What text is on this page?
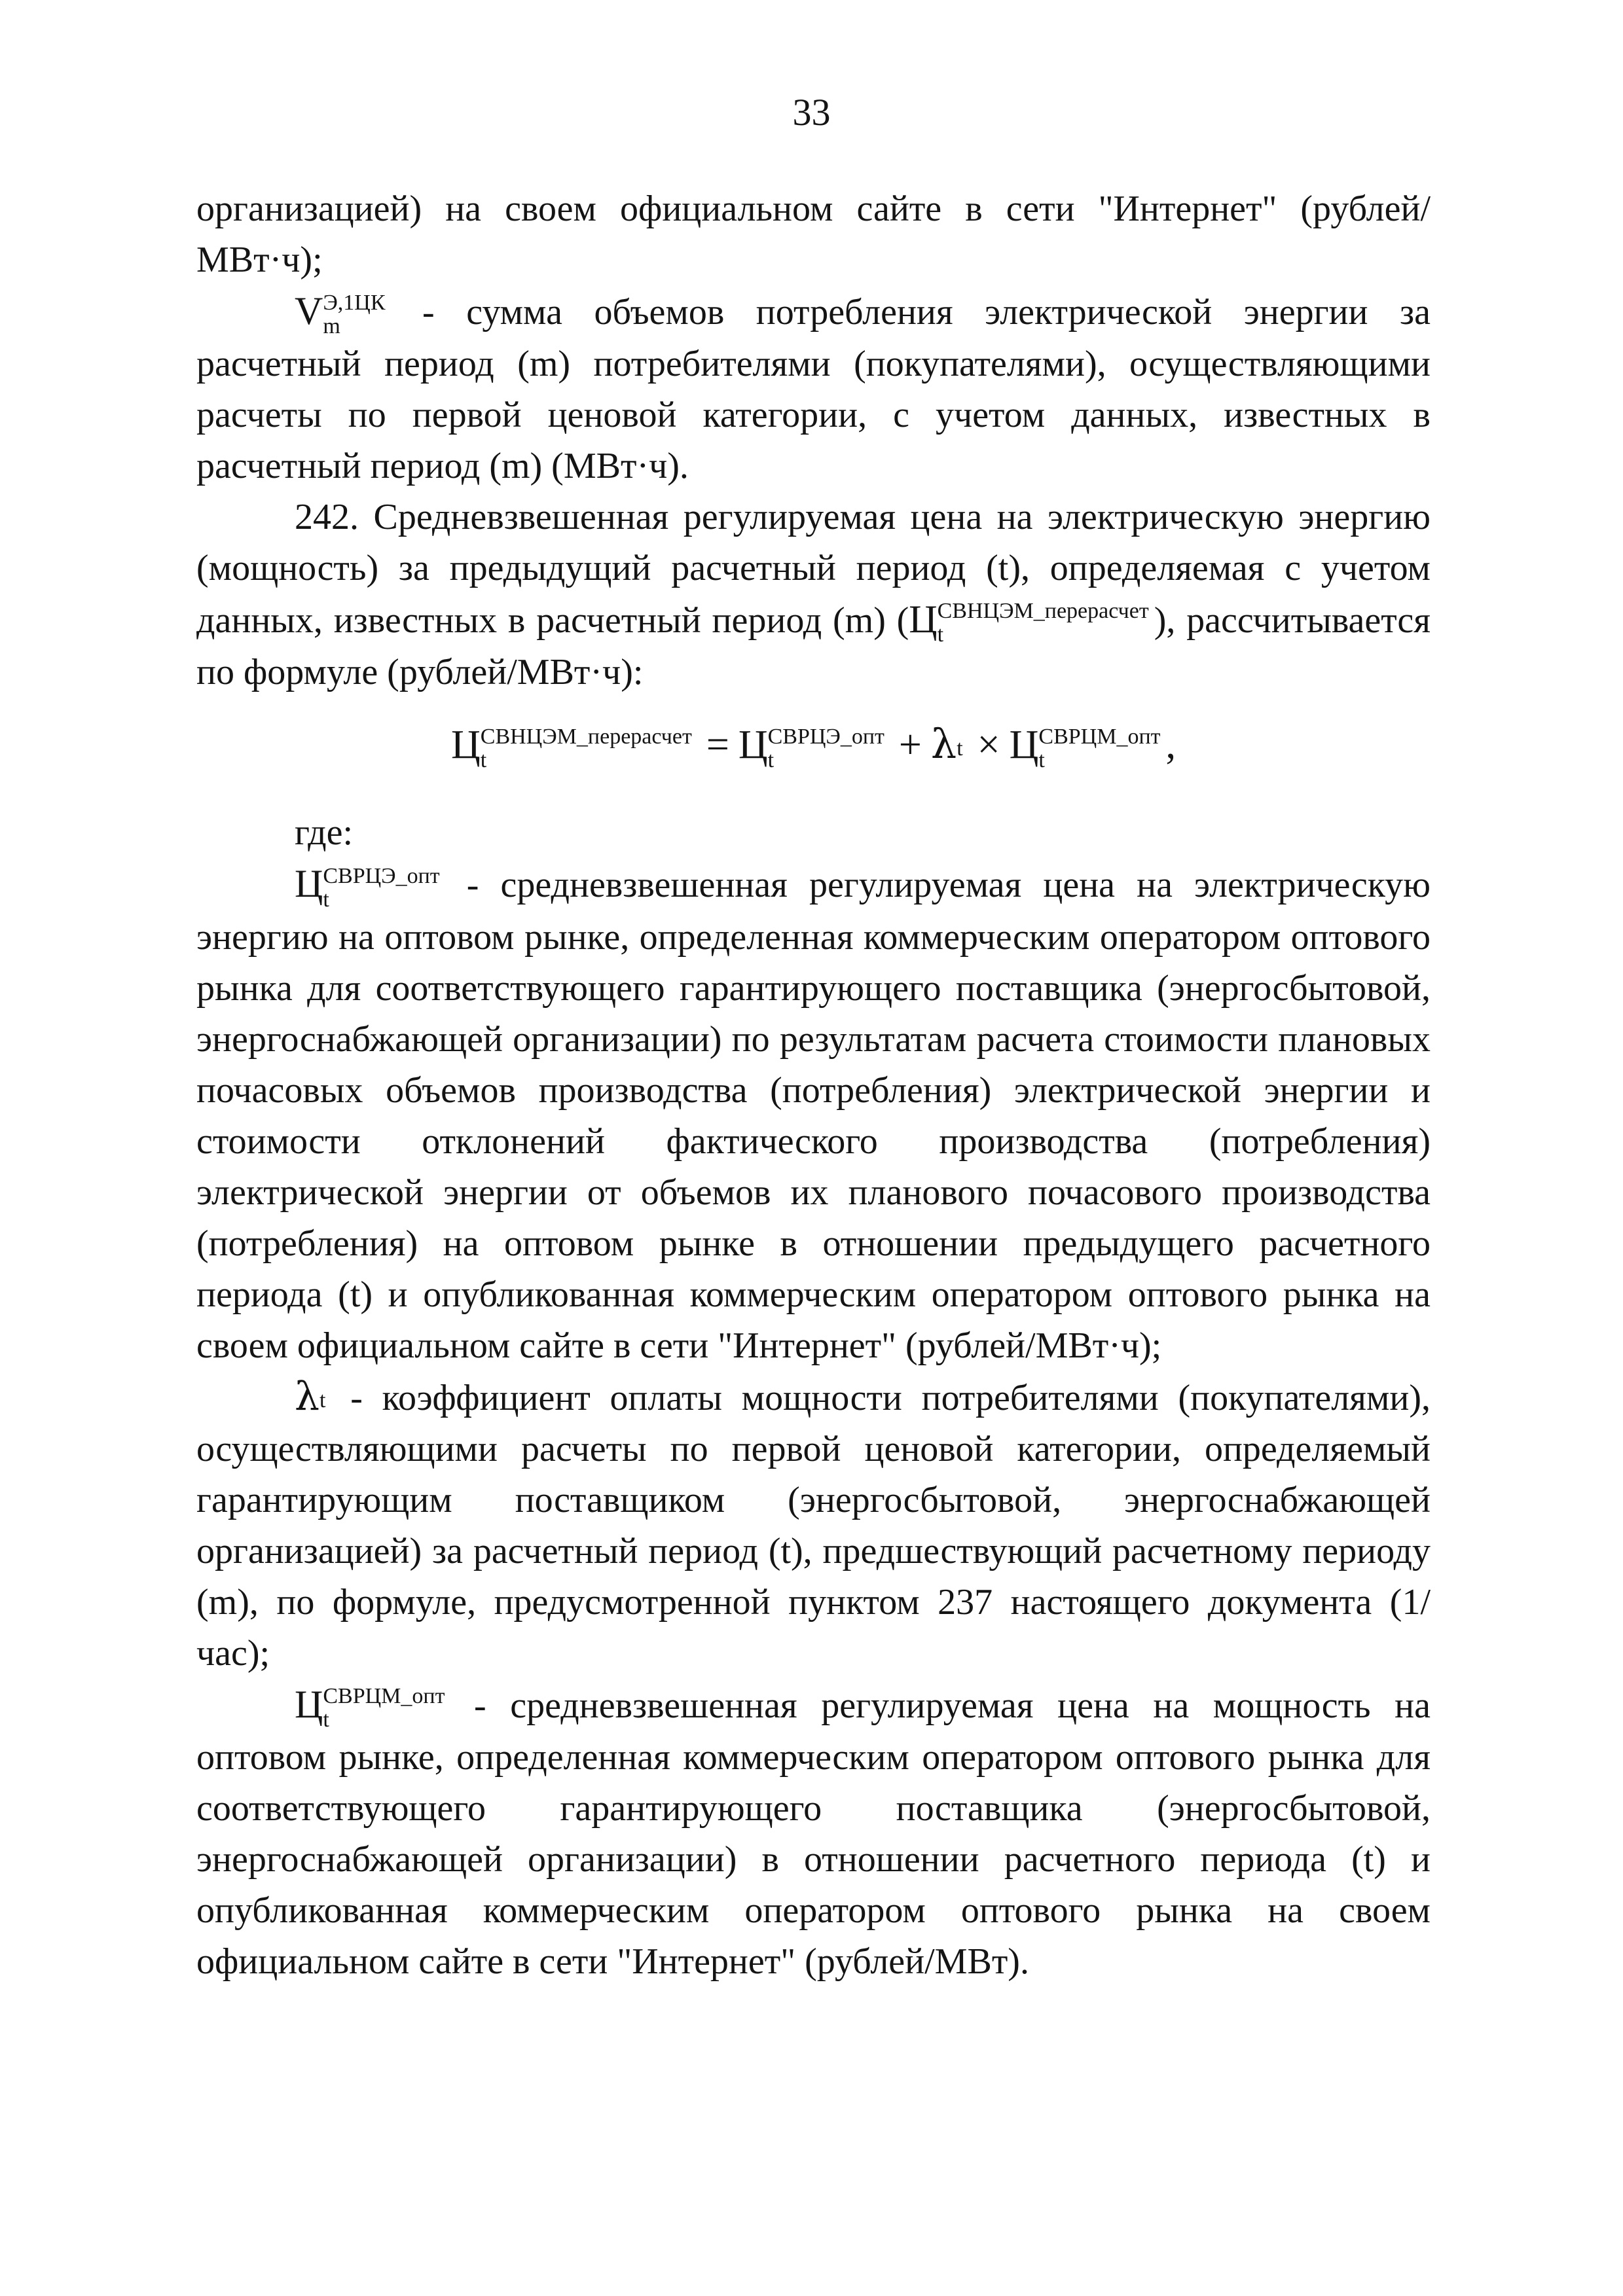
33

организацией) на своем официальном сайте в сети "Интернет" (рублей/МВт·ч);

V Э,1ЦК
m	- сумма объемов потребления электрической энергии за расчетный период (m) потребителями (покупателями), осуществляющими расчеты по первой ценовой категории, с учетом данных, известных в расчетный период (m) (МВт·ч).

242. Средневзвешенная регулируемая цена на электрическую энергию (мощность) за предыдущий расчетный период (t), определяемая с учетом данных, известных в расчетный период (m) (Ц СВНЦЭМ_перерасчет
t	), рассчитывается по формуле (рублей/МВт·ч):

Ц СВНЦЭМ_перерасчет
t	= Ц СВРЦЭ_опт
t	+ λ t × Ц СВРЦМ_опт
t	,

где:

Ц СВРЦЭ_опт
t	- средневзвешенная регулируемая цена на электрическую энергию на оптовом рынке, определенная коммерческим оператором оптового рынка для соответствующего гарантирующего поставщика (энергосбытовой, энергоснабжающей организации) по результатам расчета стоимости плановых почасовых объемов производства (потребления) электрической энергии и стоимости отклонений фактического производства (потребления) электрической энергии от объемов их планового почасового производства (потребления) на оптовом рынке в отношении предыдущего расчетного периода (t) и опубликованная коммерческим оператором оптового рынка на своем официальном сайте в сети "Интернет" (рублей/МВт·ч);

λ t - коэффициент оплаты мощности потребителями (покупателями), осуществляющими расчеты по первой ценовой категории, определяемый гарантирующим поставщиком (энергосбытовой, энергоснабжающей организацией) за расчетный период (t), предшествующий расчетному периоду (m), по формуле, предусмотренной пунктом 237 настоящего документа (1/час);

Ц СВРЦМ_опт
t	- средневзвешенная регулируемая цена на мощность на оптовом рынке, определенная коммерческим оператором оптового рынка для соответствующего гарантирующего поставщика (энергосбытовой, энергоснабжающей организации) в отношении расчетного периода (t) и опубликованная коммерческим оператором оптового рынка на своем официальном сайте в сети "Интернет" (рублей/МВт).
